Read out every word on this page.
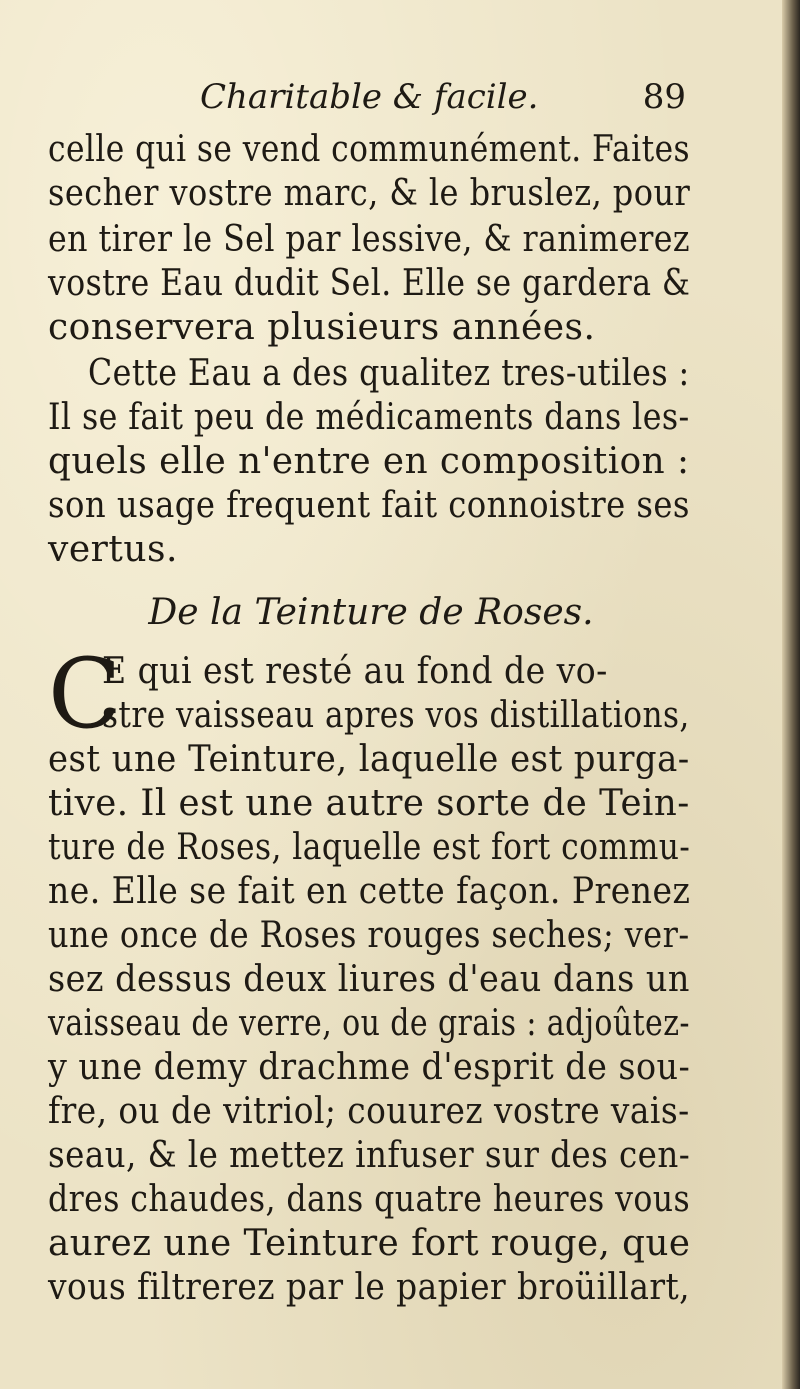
Charitable & facile.	89
celle qui se vend communément. Faites
secher vostre marc, & le bruslez, pour
en tirer le Sel par lessive, & ranimerez
vostre Eau dudit Sel. Elle se gardera &
conservera plusieurs années.
Cette Eau a des qualitez tres-utiles :
Il se fait peu de médicaments dans les-
quels elle n'entre en composition :
son usage frequent fait connoistre ses
vertus.
De la Teinture de Roses.
C
E qui est resté au fond de vo-
stre vaisseau apres vos distillations,
est une Teinture, laquelle est purga-
tive. Il est une autre sorte de Tein-
ture de Roses, laquelle est fort commu-
ne. Elle se fait en cette façon. Prenez
une once de Roses rouges seches; ver-
sez dessus deux liures d'eau dans un
vaisseau de verre, ou de grais : adjoûtez-
y une demy drachme d'esprit de sou-
fre, ou de vitriol; couurez vostre vais-
seau, & le mettez infuser sur des cen-
dres chaudes, dans quatre heures vous
aurez une Teinture fort rouge, que
vous filtrerez par le papier broüillart,
